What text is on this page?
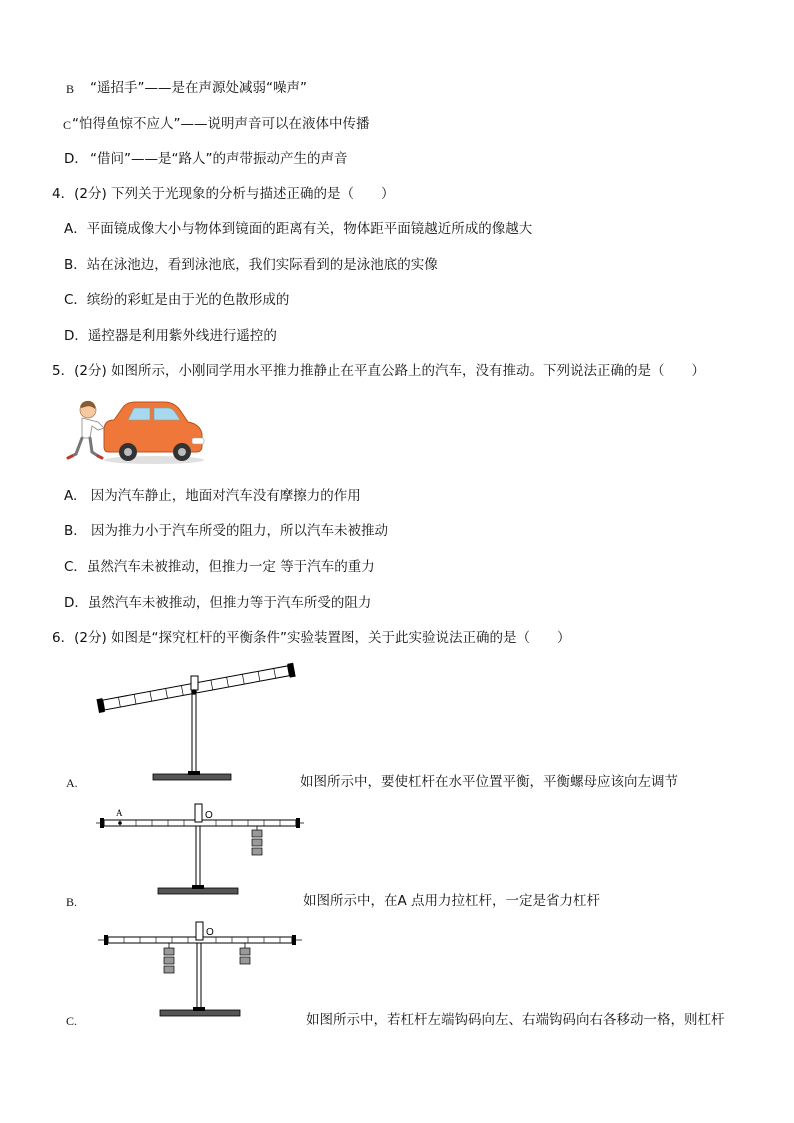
B “遥招手”——是在声源处减弱“噪声”
C “怕得鱼惊不应人”——说明声音可以在液体中传播
D． “借问”——是“路人”的声带振动产生的声音
4．(2分) 下列关于光现象的分析与描述正确的是（　　）
A．平面镜成像大小与物体到镜面的距离有关，物体距平面镜越近所成的像越大
B．站在泳池边，看到泳池底，我们实际看到的是泳池底的实像
C．缤纷的彩虹是由于光的色散形成的
D．遥控器是利用紫外线进行遥控的
5．(2分) 如图所示，小刚同学用水平推力推静止在平直公路上的汽车，没有推动。下列说法正确的是（　　）
A.　因为汽车静止，地面对汽车没有摩擦力的作用
B.　因为推力小于汽车所受的阻力，所以汽车未被推动
C．虽然汽车未被推动，但推力一定 等于汽车的重力
D．虽然汽车未被推动，但推力等于汽车所受的阻力
6．(2分) 如图是“探究杠杆的平衡条件”实验装置图，关于此实验说法正确的是（　　）
A.	如图所示中，要使杠杆在水平位置平衡，平衡螺母应该向左调节
A	O
B.	如图所示中，在A 点用力拉杠杆，一定是省力杠杆
O
C.	如图所示中，若杠杆左端钩码向左、右端钩码向右各移动一格，则杠杆
